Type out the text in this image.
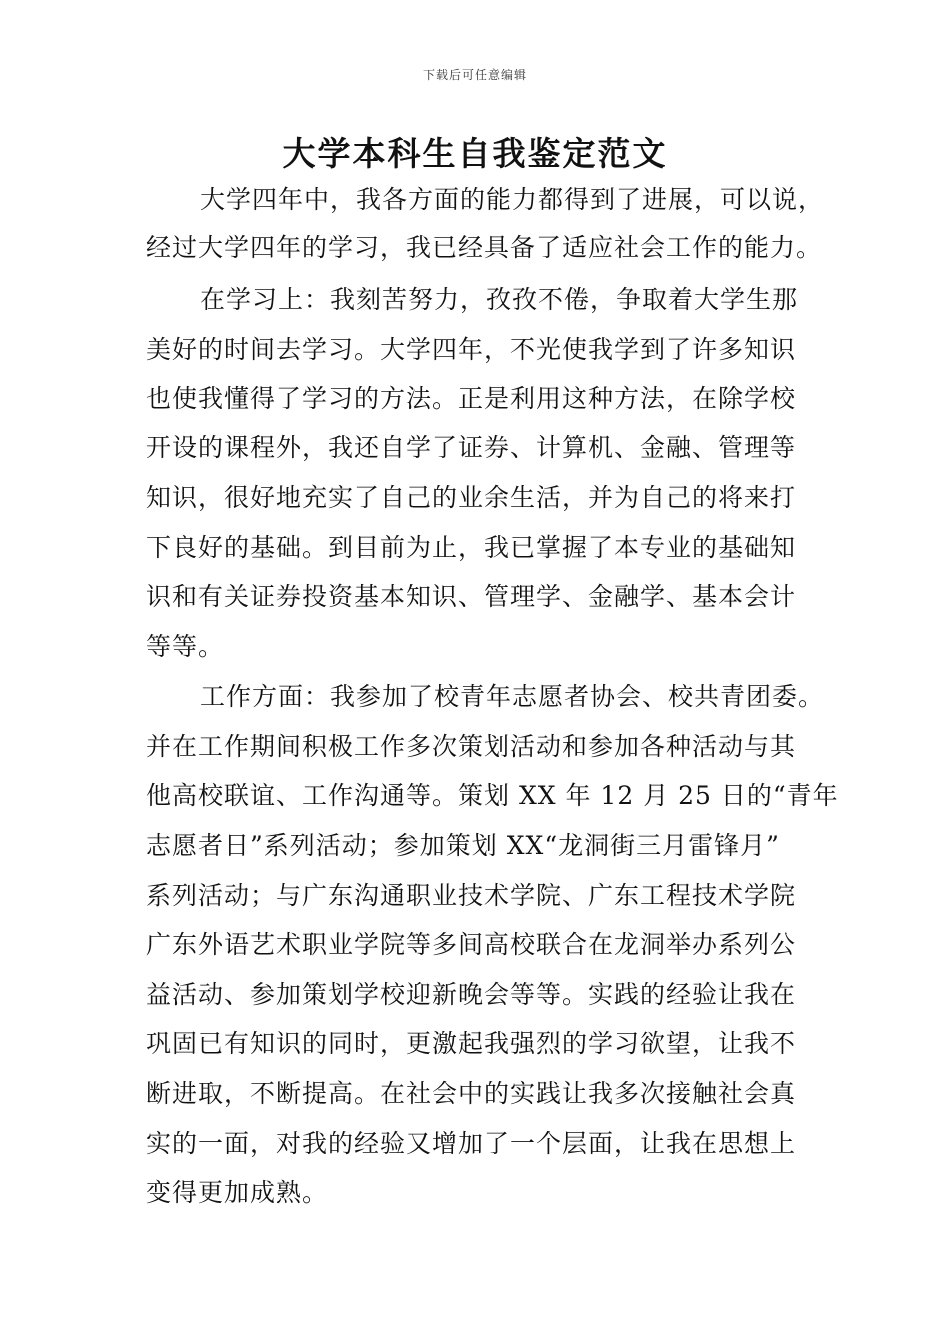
下载后可任意编辑
大学本科生自我鉴定范文
大学四年中，我各方面的能力都得到了进展，可以说，
经过大学四年的学习，我已经具备了适应社会工作的能力。
在学习上：我刻苦努力，孜孜不倦，争取着大学生那
美好的时间去学习。大学四年，不光使我学到了许多知识
也使我懂得了学习的方法。正是利用这种方法，在除学校
开设的课程外，我还自学了证券、计算机、金融、管理等
知识，很好地充实了自己的业余生活，并为自己的将来打
下良好的基础。到目前为止，我已掌握了本专业的基础知
识和有关证券投资基本知识、管理学、金融学、基本会计
等等。
工作方面：我参加了校青年志愿者协会、校共青团委。
并在工作期间积极工作多次策划活动和参加各种活动与其
他高校联谊、工作沟通等。策划 XX 年 12 月 25 日的“青年
志愿者日”系列活动；参加策划 XX“龙洞街三月雷锋月”
系列活动；与广东沟通职业技术学院、广东工程技术学院
广东外语艺术职业学院等多间高校联合在龙洞举办系列公
益活动、参加策划学校迎新晚会等等。实践的经验让我在
巩固已有知识的同时，更激起我强烈的学习欲望，让我不
断进取，不断提高。在社会中的实践让我多次接触社会真
实的一面，对我的经验又增加了一个层面，让我在思想上
变得更加成熟。
